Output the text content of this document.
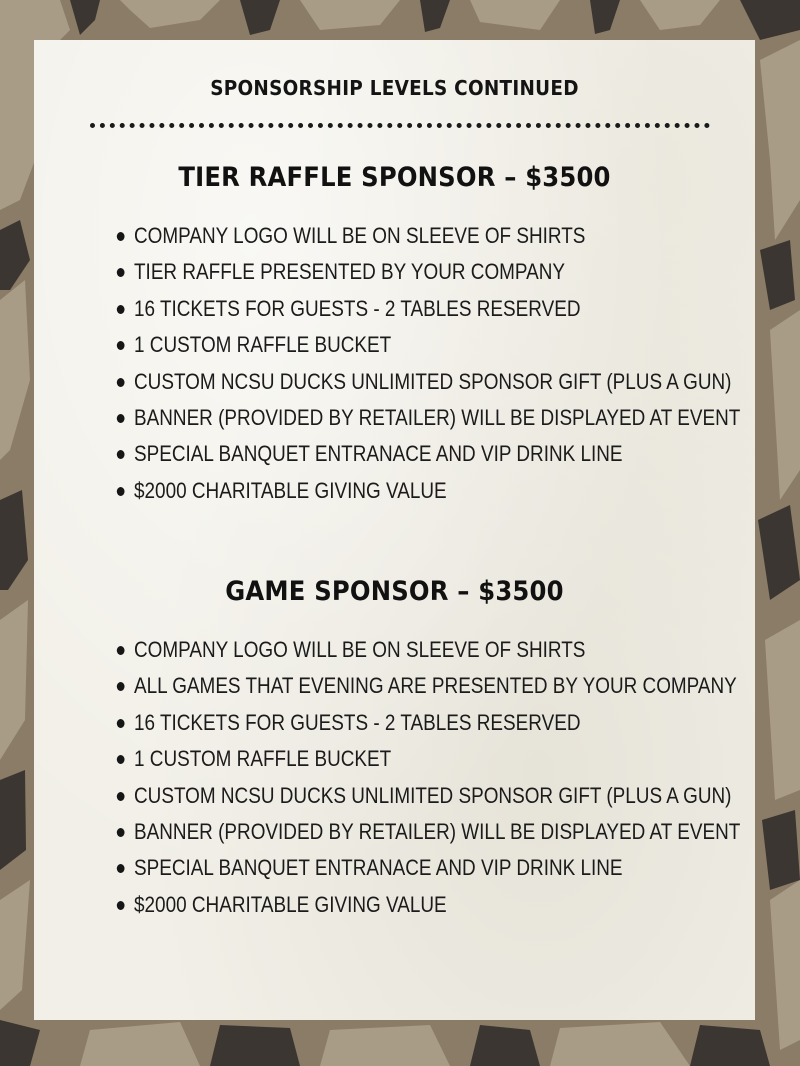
SPONSORSHIP LEVELS CONTINUED
TIER RAFFLE SPONSOR – $3500
COMPANY LOGO WILL BE ON SLEEVE OF SHIRTS
TIER RAFFLE PRESENTED BY YOUR COMPANY
16 TICKETS FOR GUESTS - 2 TABLES RESERVED
1 CUSTOM RAFFLE BUCKET
CUSTOM NCSU DUCKS UNLIMITED SPONSOR GIFT (PLUS A GUN)
BANNER (PROVIDED BY RETAILER) WILL BE DISPLAYED AT EVENT
SPECIAL BANQUET ENTRANACE AND VIP DRINK LINE
$2000 CHARITABLE GIVING VALUE
GAME SPONSOR – $3500
COMPANY LOGO WILL BE ON SLEEVE OF SHIRTS
ALL GAMES THAT EVENING ARE PRESENTED BY YOUR COMPANY
16 TICKETS FOR GUESTS - 2 TABLES RESERVED
1 CUSTOM RAFFLE BUCKET
CUSTOM NCSU DUCKS UNLIMITED SPONSOR GIFT (PLUS A GUN)
BANNER (PROVIDED BY RETAILER) WILL BE DISPLAYED AT EVENT
SPECIAL BANQUET ENTRANACE AND VIP DRINK LINE
$2000 CHARITABLE GIVING VALUE
